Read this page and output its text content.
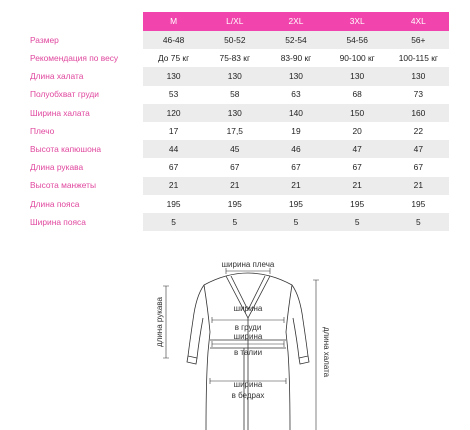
	M	L/XL	2XL	3XL	4XL
Размер	46-48	50-52	52-54	54-56	56+
Рекомендация по весу	До 75 кг	75-83 кг	83-90 кг	90-100 кг	100-115 кг
Длина халата	130	130	130	130	130
Полуобхват груди	53	58	63	68	73
Ширина халата	120	130	140	150	160
Плечо	17	17,5	19	20	22
Высота капюшона	44	45	46	47	47
Длина рукава	67	67	67	67	67
Высота манжеты	21	21	21	21	21
Длина пояса	195	195	195	195	195
Ширина пояса	5	5	5	5	5
ширина плеча
длина рукава
длина халата
ширина
в груди
ширина
в талии
ширина
в бедрах
